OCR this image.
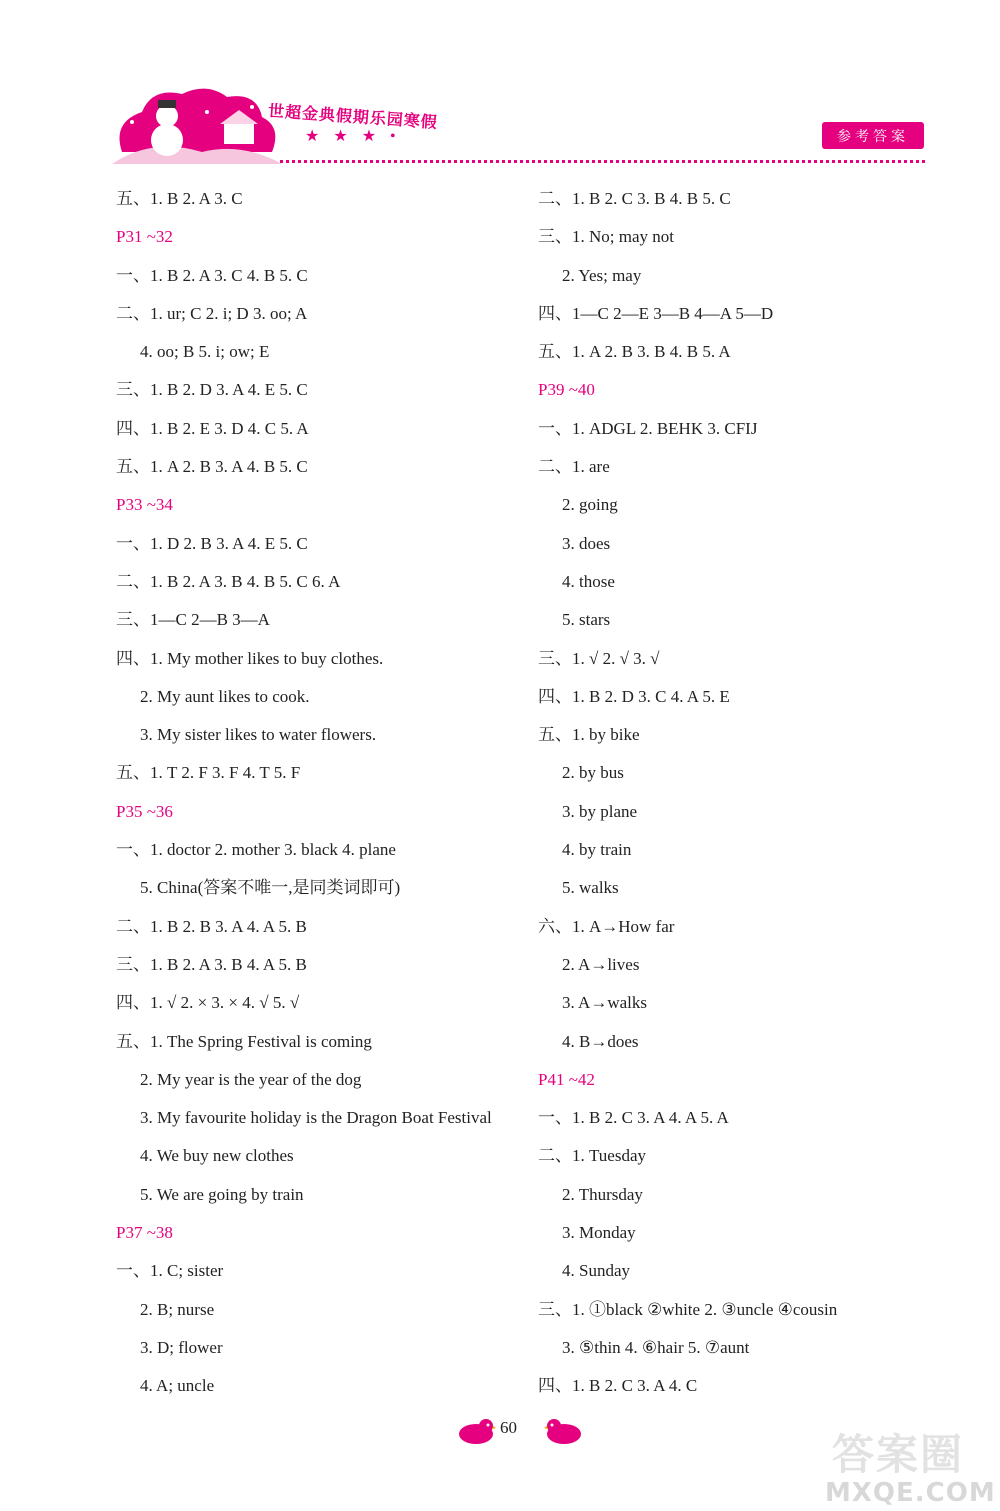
世超金典假期乐园寒假
★★★•	参考答案
五、1. B 2. A 3. C
P31 ~32
一、1. B 2. A 3. C 4. B 5. C
二、1. ur; C 2. i; D 3. oo; A
4. oo; B 5. i; ow; E
三、1. B 2. D 3. A 4. E 5. C
四、1. B 2. E 3. D 4. C 5. A
五、1. A 2. B 3. A 4. B 5. C
P33 ~34
一、1. D 2. B 3. A 4. E 5. C
二、1. B 2. A 3. B 4. B 5. C 6. A
三、1—C 2—B 3—A
四、1. My mother likes to buy clothes.
2. My aunt likes to cook.
3. My sister likes to water flowers.
五、1. T 2. F 3. F 4. T 5. F
P35 ~36
一、1. doctor 2. mother 3. black 4. plane
5. China(答案不唯一,是同类词即可)
二、1. B 2. B 3. A 4. A 5. B
三、1. B 2. A 3. B 4. A 5. B
四、1. √ 2. × 3. × 4. √ 5. √
五、1. The Spring Festival is coming
2. My year is the year of the dog
3. My favourite holiday is the Dragon Boat Festival
4. We buy new clothes
5. We are going by train
P37 ~38
一、1. C; sister
2. B; nurse
3. D; flower
4. A; uncle
二、1. B 2. C 3. B 4. B 5. C
三、1. No; may not
2. Yes; may
四、1—C 2—E 3—B 4—A 5—D
五、1. A 2. B 3. B 4. B 5. A
P39 ~40
一、1. ADGL 2. BEHK 3. CFIJ
二、1. are
2. going
3. does
4. those
5. stars
三、1. √ 2. √ 3. √
四、1. B 2. D 3. C 4. A 5. E
五、1. by bike
2. by bus
3. by plane
4. by train
5. walks
六、1. A→How far
2. A→lives
3. A→walks
4. B→does
P41 ~42
一、1. B 2. C 3. A 4. A 5. A
二、1. Tuesday
2. Thursday
3. Monday
4. Sunday
三、1. ①black ②white 2. ③uncle ④cousin
3. ⑤thin 4. ⑥hair 5. ⑦aunt
四、1. B 2. C 3. A 4. C
60
答案圈
MXQE.COM
